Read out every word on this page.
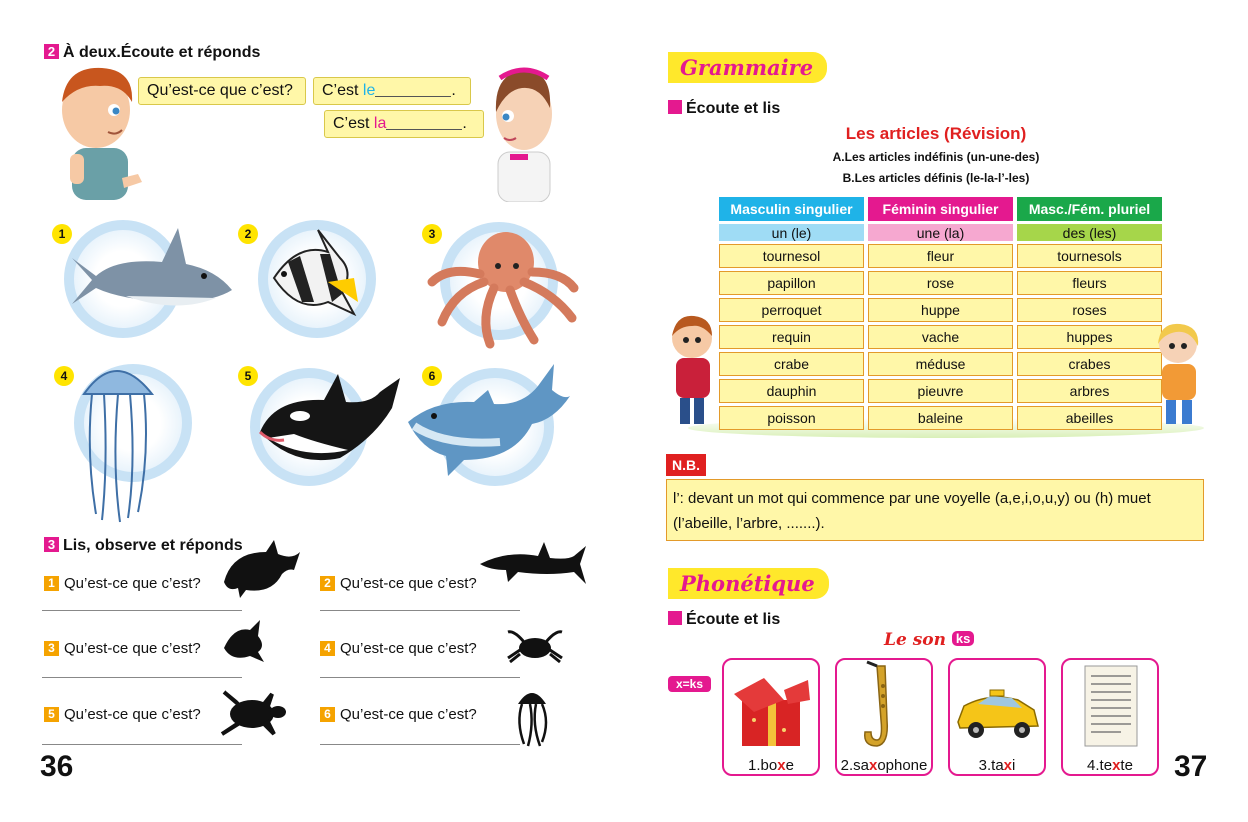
2 À deux.Écoute et réponds
Qu’est-ce que c’est?	C’est le	.
C’est la	.
1	2	3
4	5	6
3 Lis, observe et réponds
1 Qu’est-ce que c’est?	2 Qu’est-ce que c’est?
3 Qu’est-ce que c’est?	4 Qu’est-ce que c’est?
5 Qu’est-ce que c’est?	6 Qu’est-ce que c’est?
36
Grammaire
Écoute et lis
Les articles (Révision)
A.Les articles indéfinis (un-une-des)
B.Les articles définis (le-la-l’-les)
Masculin singulier	Féminin singulier	Masc./Fém. pluriel
un (le)	une (la)	des (les)
tournesol	fleur	tournesols
papillon	rose	fleurs
perroquet	huppe	roses
requin	vache	huppes
crabe	méduse	crabes
dauphin	pieuvre	arbres
poisson	baleine	abeilles
N.B.
l’: devant un mot qui commence par une voyelle (a,e,i,o,u,y) ou (h) muet
(l’abeille, l’arbre, .......).
Phonétique
Écoute et lis
Le son ks
x=ks
1.boxe	2.saxophone	3.taxi	4.texte	37
